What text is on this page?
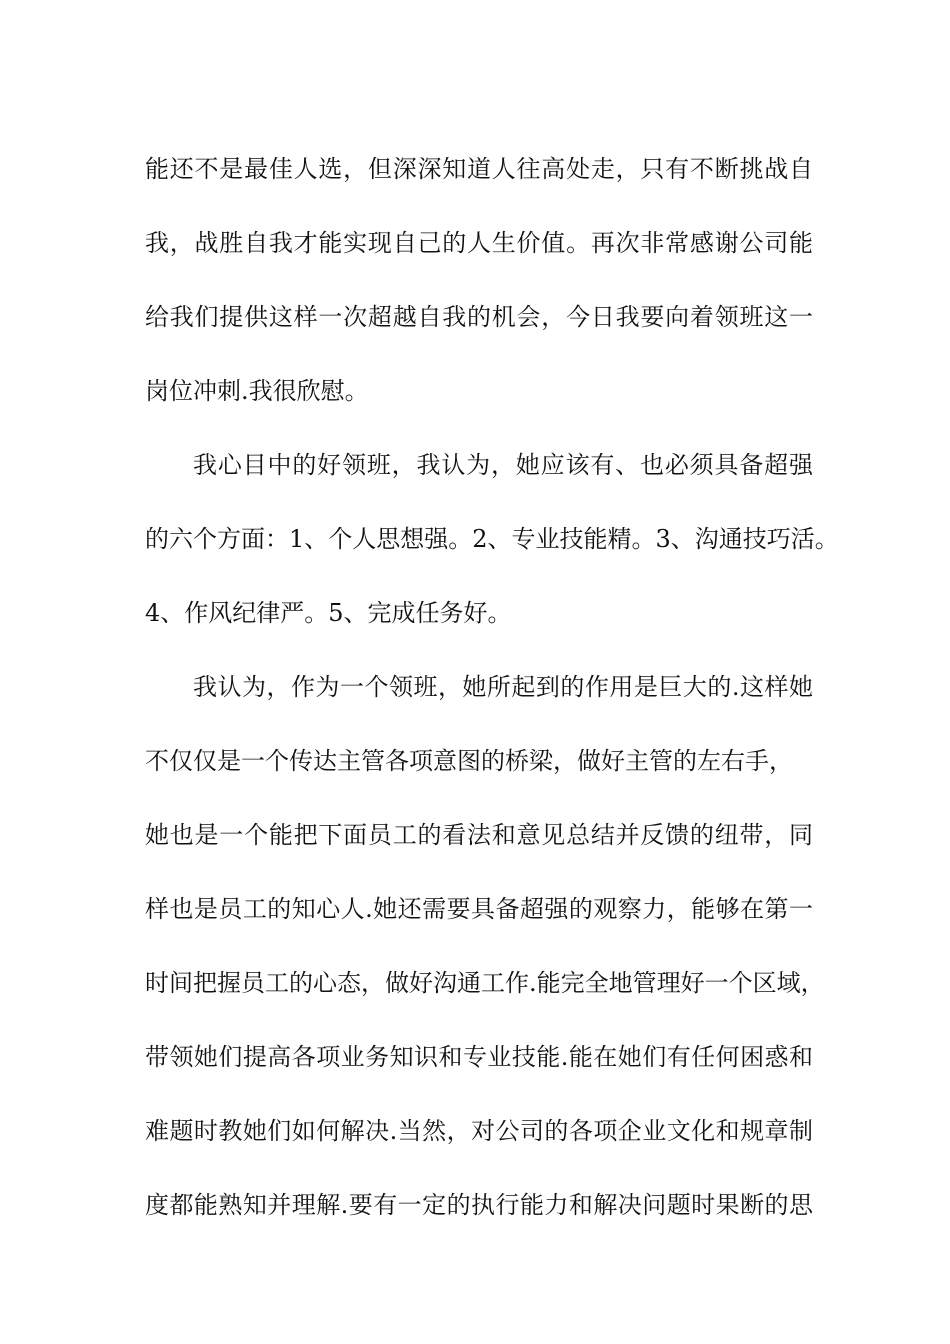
能还不是最佳人选，但深深知道人往高处走，只有不断挑战自
我，战胜自我才能实现自己的人生价值。再次非常感谢公司能
给我们提供这样一次超越自我的机会，今日我要向着领班这一
岗位冲刺.我很欣慰。
我心目中的好领班，我认为，她应该有、也必须具备超强
的六个方面：1、个人思想强。2、专业技能精。3、沟通技巧活。
4、作风纪律严。5、完成任务好。
我认为，作为一个领班，她所起到的作用是巨大的.这样她
不仅仅是一个传达主管各项意图的桥梁，做好主管的左右手，
她也是一个能把下面员工的看法和意见总结并反馈的纽带，同
样也是员工的知心人.她还需要具备超强的观察力，能够在第一
时间把握员工的心态，做好沟通工作.能完全地管理好一个区域，
带领她们提高各项业务知识和专业技能.能在她们有任何困惑和
难题时教她们如何解决.当然，对公司的各项企业文化和规章制
度都能熟知并理解.要有一定的执行能力和解决问题时果断的思
